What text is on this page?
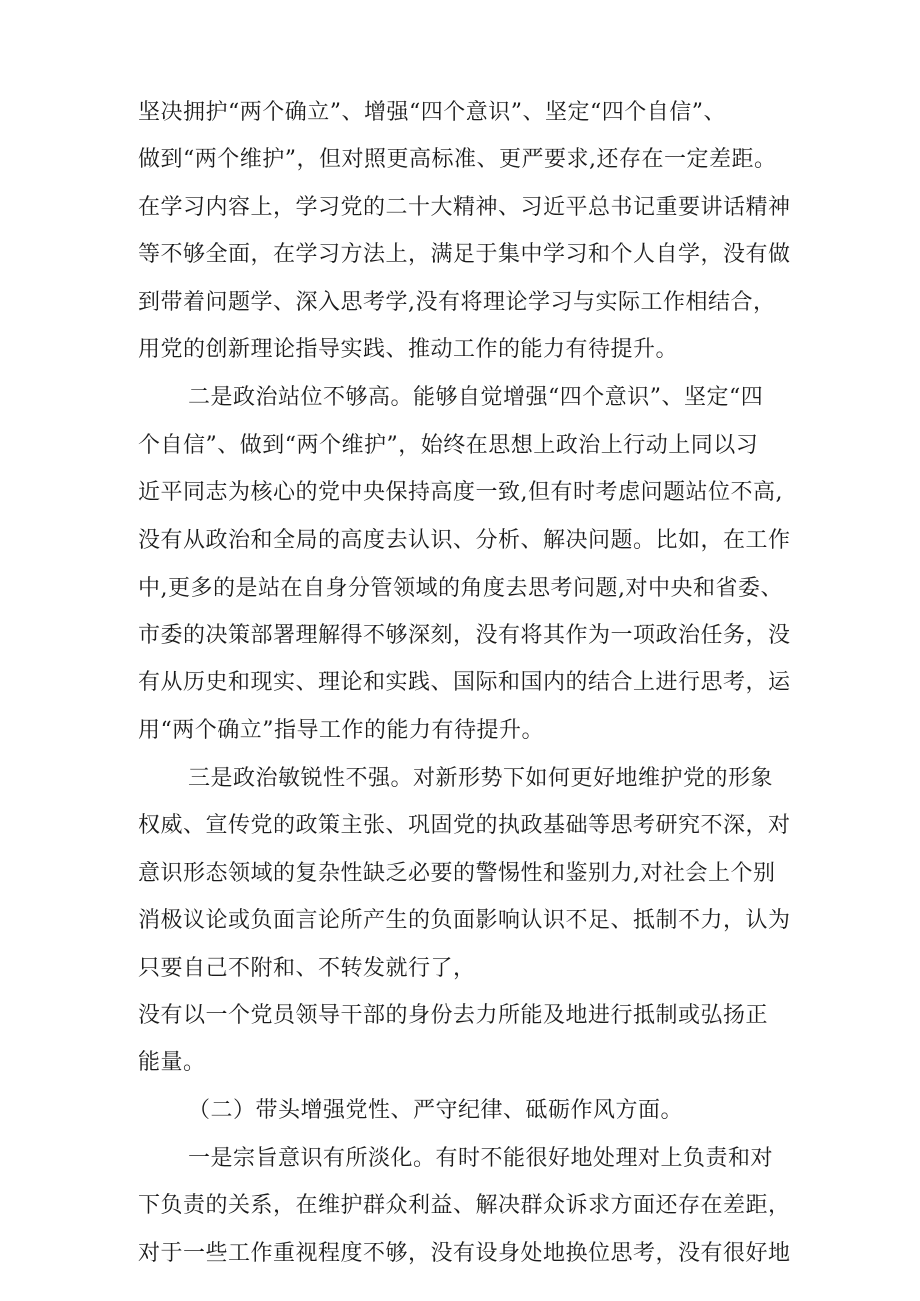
坚决拥护“两个确立”、增强“四个意识”、坚定“四个自信”、
做到“两个维护”，但对照更高标准、更严要求,还存在一定差距。
在学习内容上，学习党的二十大精神、习近平总书记重要讲话精神
等不够全面，在学习方法上，满足于集中学习和个人自学，没有做
到带着问题学、深入思考学,没有将理论学习与实际工作相结合，
用党的创新理论指导实践、推动工作的能力有待提升。
二是政治站位不够高。能够自觉增强“四个意识”、坚定“四
个自信”、做到“两个维护”，始终在思想上政治上行动上同以习
近平同志为核心的党中央保持高度一致,但有时考虑问题站位不高,
没有从政治和全局的高度去认识、分析、解决问题。比如，在工作
中,更多的是站在自身分管领域的角度去思考问题,对中央和省委、
市委的决策部署理解得不够深刻，没有将其作为一项政治任务，没
有从历史和现实、理论和实践、国际和国内的结合上进行思考，运
用“两个确立”指导工作的能力有待提升。
三是政治敏锐性不强。对新形势下如何更好地维护党的形象
权威、宣传党的政策主张、巩固党的执政基础等思考研究不深，对
意识形态领域的复杂性缺乏必要的警惕性和鉴别力,对社会上个别
消极议论或负面言论所产生的负面影响认识不足、抵制不力，认为
只要自己不附和、不转发就行了，
没有以一个党员领导干部的身份去力所能及地进行抵制或弘扬正
能量。
（二）带头增强党性、严守纪律、砥砺作风方面。
一是宗旨意识有所淡化。有时不能很好地处理对上负责和对
下负责的关系，在维护群众利益、解决群众诉求方面还存在差距，
对于一些工作重视程度不够，没有设身处地换位思考，没有很好地
